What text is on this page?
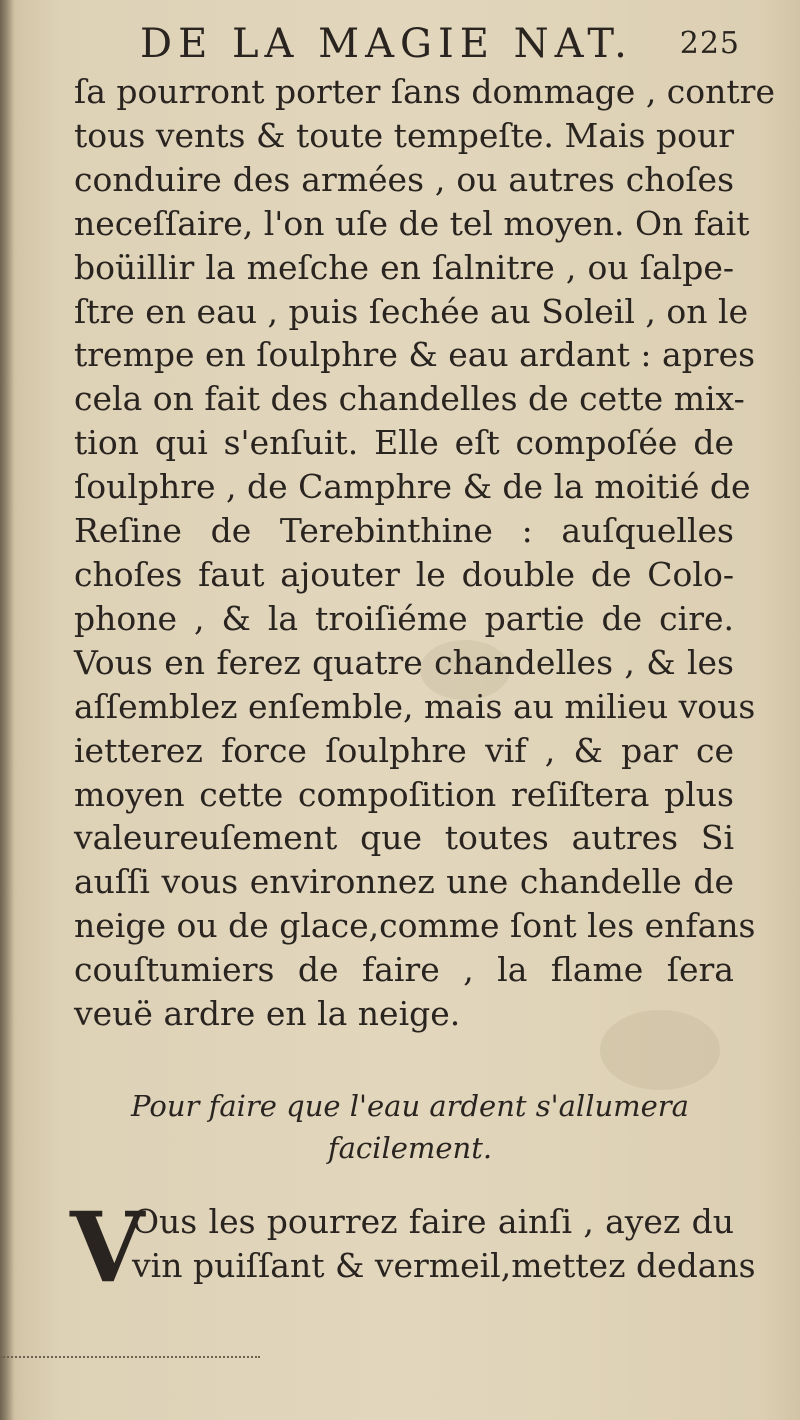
DE LA MAGIE NAT. 225
ſa pourront porter ſans dommage , contre
tous vents & toute tempeſte. Mais pour
conduire des armées , ou autres choſes
neceſſaire, l'on uſe de tel moyen. On fait
boüillir la meſche en ſalnitre , ou ſalpe-
ſtre en eau , puis ſechée au Soleil , on le
trempe en ſoulphre & eau ardant : apres
cela on fait des chandelles de cette mix-
tion qui s'enſuit. Elle eſt compoſée de
ſoulphre , de Camphre & de la moitié de
Reſine de Terebinthine : auſquelles
choſes faut ajouter le double de Colo-
phone , & la troiſiéme partie de cire.
Vous en ferez quatre chandelles , & les
aſſemblez enſemble, mais au milieu vous
ietterez force ſoulphre vif , & par ce
moyen cette compoſition reſiſtera plus
valeureuſement que toutes autres Si
auſſi vous environnez une chandelle de
neige ou de glace,comme ſont les enfans
couſtumiers de faire , la flame ſera
veuë ardre en la neige.
Pour faire que l'eau ardent s'allumera
facilement.
V
Ous les pourrez faire ainſi , ayez du
vin puiſſant & vermeil,mettez dedans
